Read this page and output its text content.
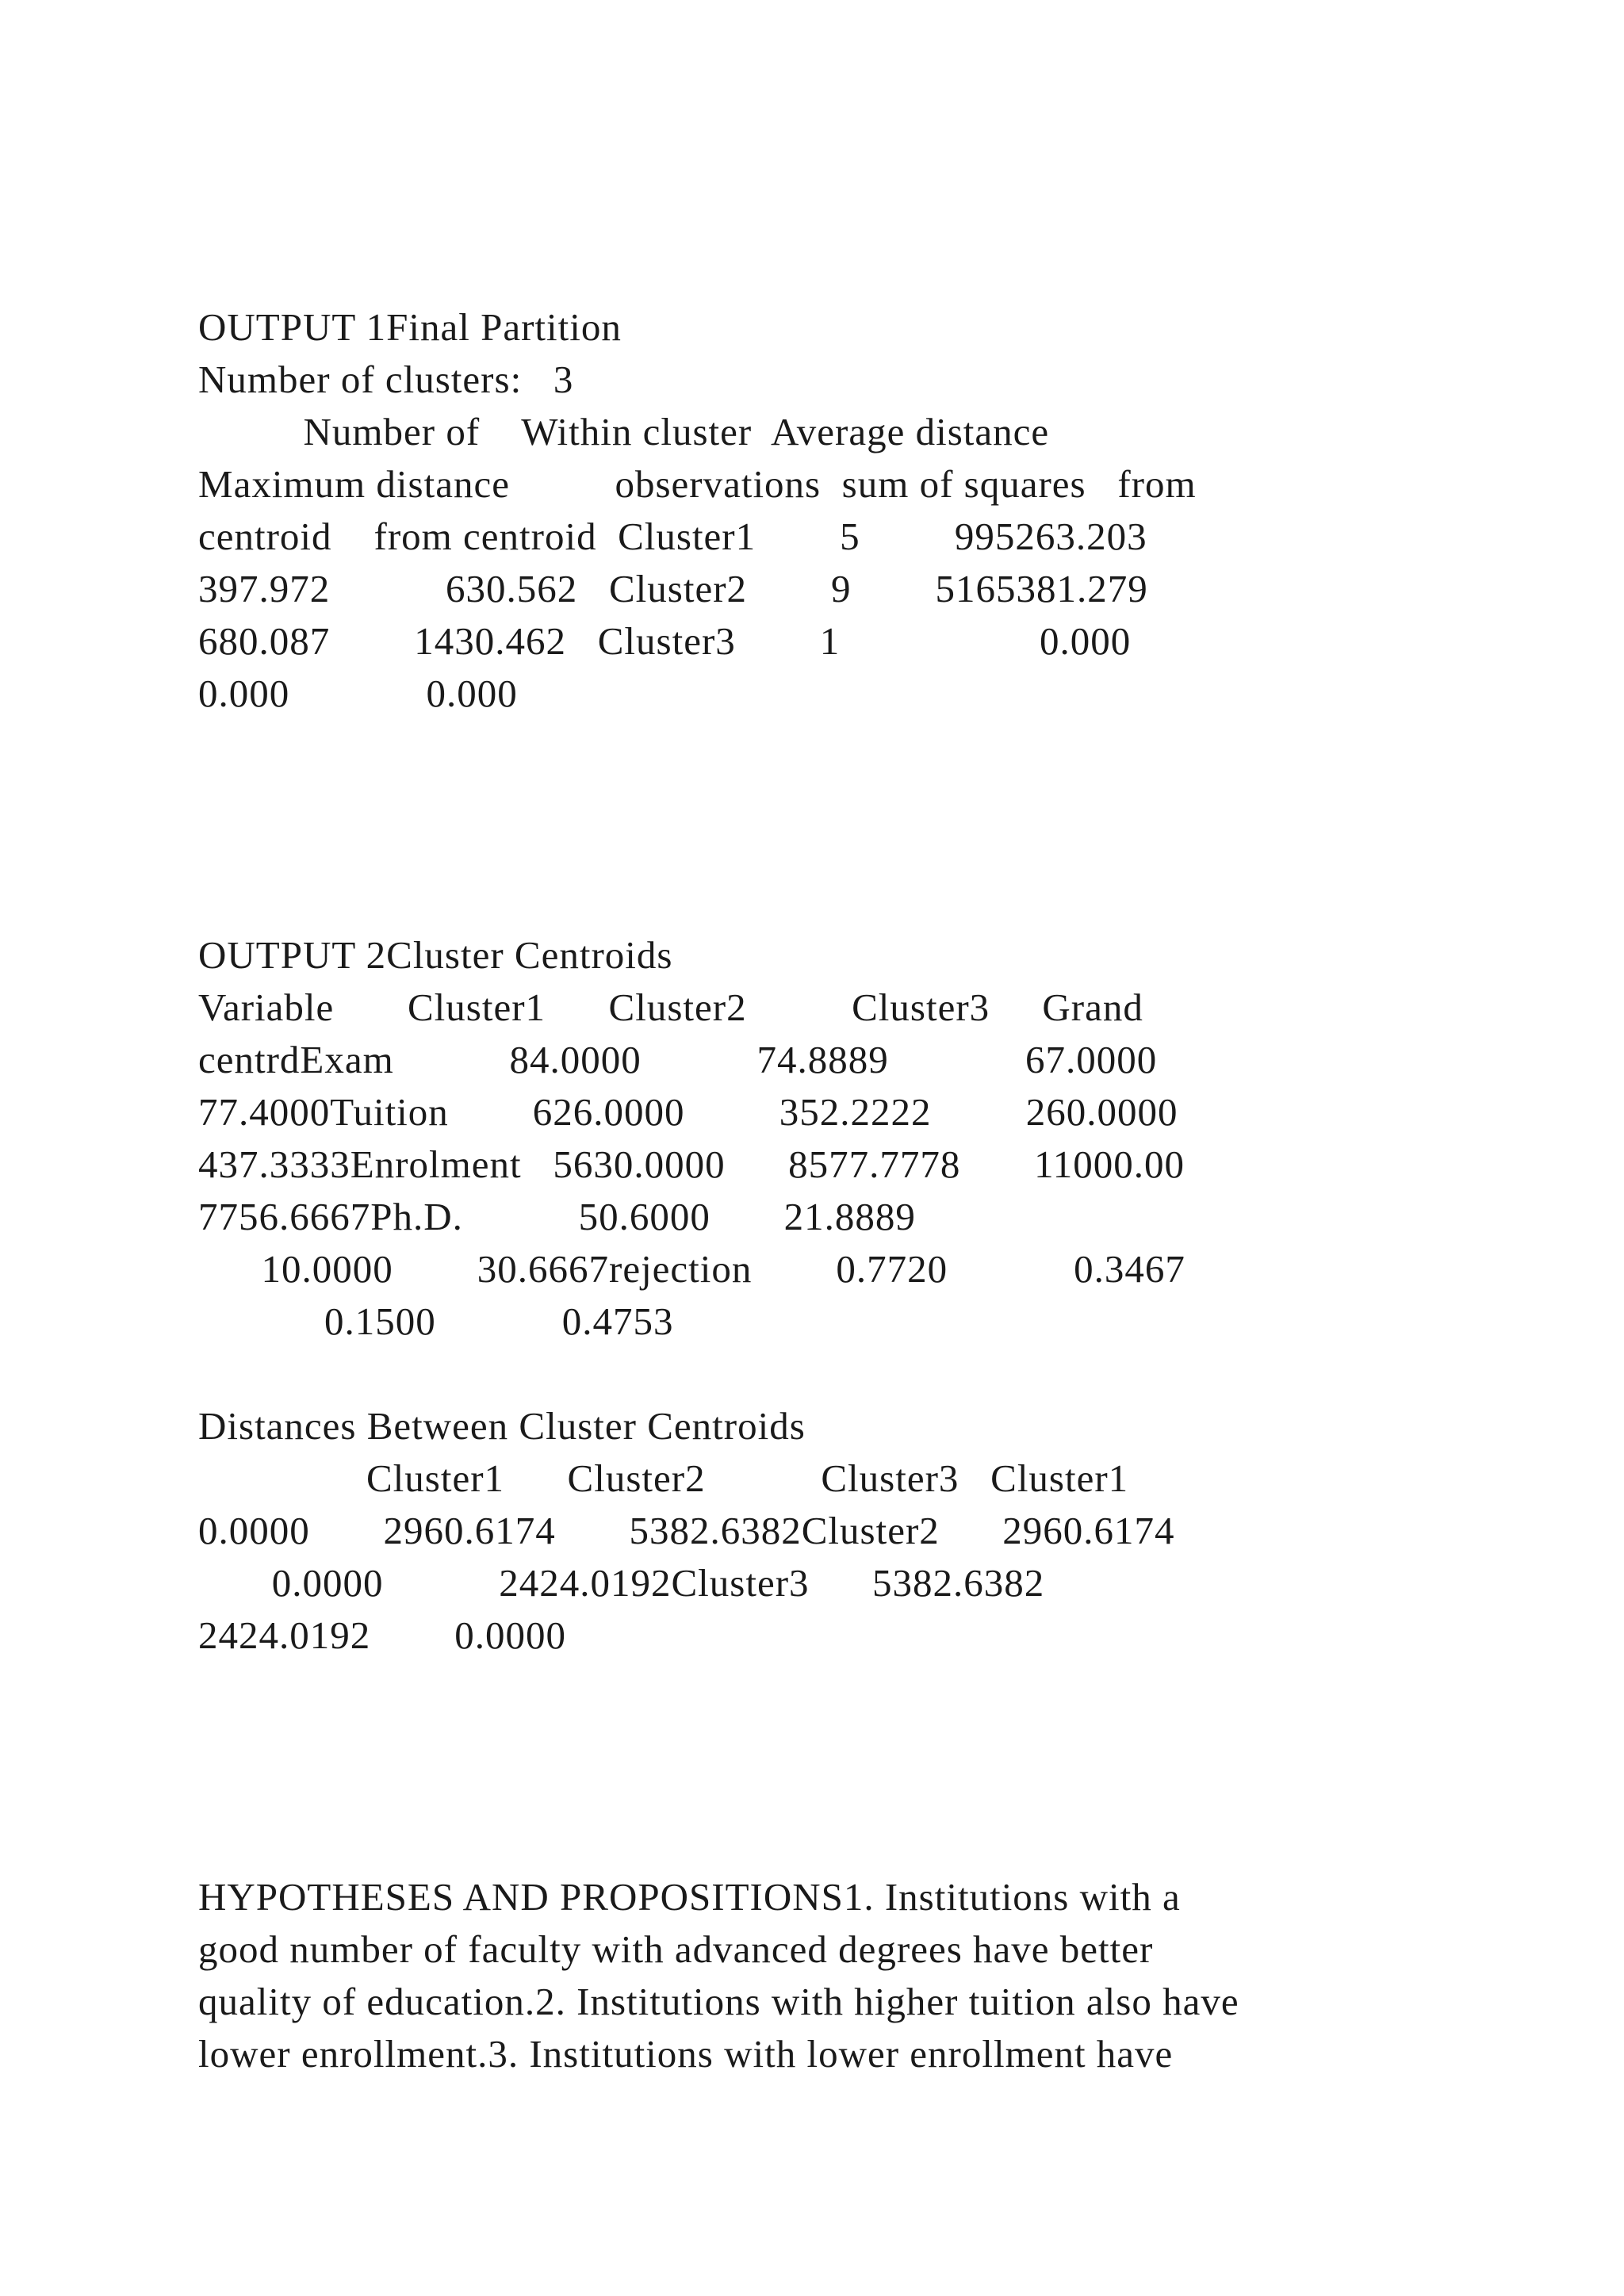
OUTPUT 1Final Partition
Number of clusters:   3
Number of    Within cluster  Average distance
Maximum distance          observations  sum of squares   from
centroid    from centroid  Cluster1        5         995263.203
397.972           630.562   Cluster2        9        5165381.279
680.087        1430.462   Cluster3        1                   0.000
0.000             0.000
OUTPUT 2Cluster Centroids
Variable       Cluster1      Cluster2          Cluster3     Grand
centrdExam           84.0000           74.8889             67.0000
77.4000Tuition        626.0000         352.2222         260.0000
437.3333Enrolment   5630.0000      8577.7778       11000.00
7756.6667Ph.D.           50.6000       21.8889
10.0000        30.6667rejection        0.7720            0.3467
0.1500            0.4753
Distances Between Cluster Centroids
Cluster1      Cluster2           Cluster3   Cluster1
0.0000       2960.6174       5382.6382Cluster2      2960.6174
0.0000           2424.0192Cluster3      5382.6382
2424.0192        0.0000
HYPOTHESES AND PROPOSITIONS1. Institutions with a
good number of faculty with advanced degrees have better
quality of education.2. Institutions with higher tuition also have
lower enrollment.3. Institutions with lower enrollment have
